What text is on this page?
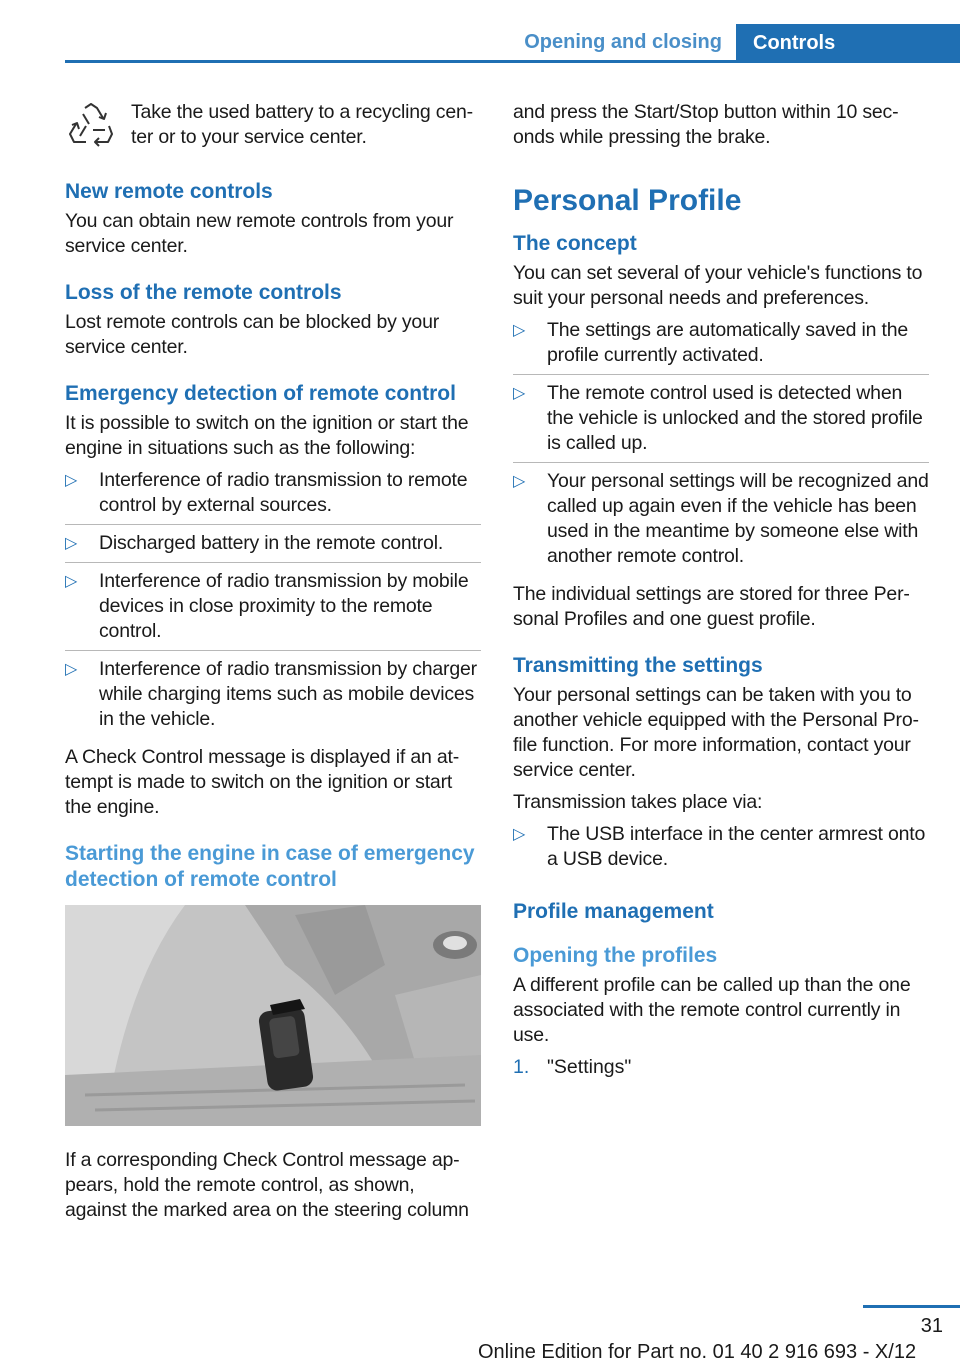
Opening and closing	Controls

Take the used battery to a recycling cen‐ter or to your service center.

New remote controls

You can obtain new remote controls from your service center.

Loss of the remote controls

Lost remote controls can be blocked by your service center.

Emergency detection of remote control

It is possible to switch on the ignition or start the engine in situations such as the following:

▷ Interference of radio transmission to remote control by external sources.
▷ Discharged battery in the remote control.
▷ Interference of radio transmission by mobile devices in close proximity to the remote control.
▷ Interference of radio transmission by charger while charging items such as mobile devices in the vehicle.

A Check Control message is displayed if an at‐tempt is made to switch on the ignition or start the engine.

Starting the engine in case of emergency detection of remote control

If a corresponding Check Control message ap‐pears, hold the remote control, as shown, against the marked area on the steering column

and press the Start/Stop button within 10 sec‐onds while pressing the brake.

Personal Profile
The concept

You can set several of your vehicle's functions to suit your personal needs and preferences.

▷ The settings are automatically saved in the profile currently activated.
▷ The remote control used is detected when the vehicle is unlocked and the stored profile is called up.
▷ Your personal settings will be recognized and called up again even if the vehicle has been used in the meantime by someone else with another remote control.

The individual settings are stored for three Per‐sonal Profiles and one guest profile.

Transmitting the settings

Your personal settings can be taken with you to another vehicle equipped with the Personal Pro‐file function. For more information, contact your service center.

Transmission takes place via:

▷ The USB interface in the center armrest onto a USB device.
Profile management
Opening the profiles

A different profile can be called up than the one associated with the remote control currently in use.

1. "Settings"
31
Online Edition for Part no. 01 40 2 916 693 - X/12
